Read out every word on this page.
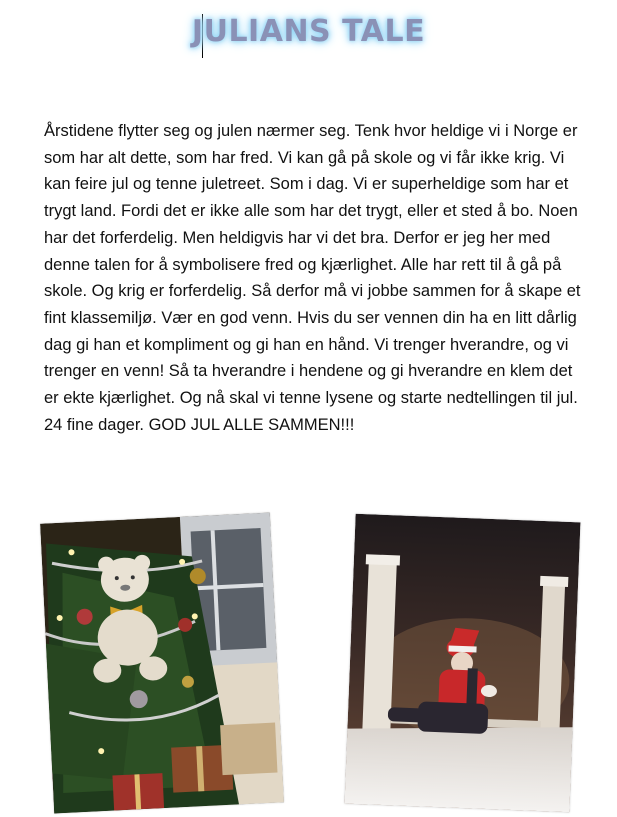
JULIANS TALE

Årstidene flytter seg og julen nærmer seg. Tenk hvor heldige vi i Norge er som har alt dette, som har fred. Vi kan gå på skole og vi får ikke krig. Vi kan feire jul og tenne juletreet. Som i dag. Vi er superheldige som har et trygt land. Fordi det er ikke alle som har det trygt, eller et sted å bo. Noen har det forferdelig. Men heldigvis har vi det bra. Derfor er jeg her med denne talen for å symbolisere fred og kjærlighet. Alle har rett til å gå på skole. Og krig er forferdelig. Så derfor må vi jobbe sammen for å skape et fint klassemiljø. Vær en god venn. Hvis du ser vennen din ha en litt dårlig dag gi han et kompliment og gi han en hånd. Vi trenger hverandre, og vi trenger en venn! Så ta hverandre i hendene og gi hverandre en klem det er ekte kjærlighet. Og nå skal vi tenne lysene og starte nedtellingen til jul. 24 fine dager. GOD JUL ALLE SAMMEN!!!
